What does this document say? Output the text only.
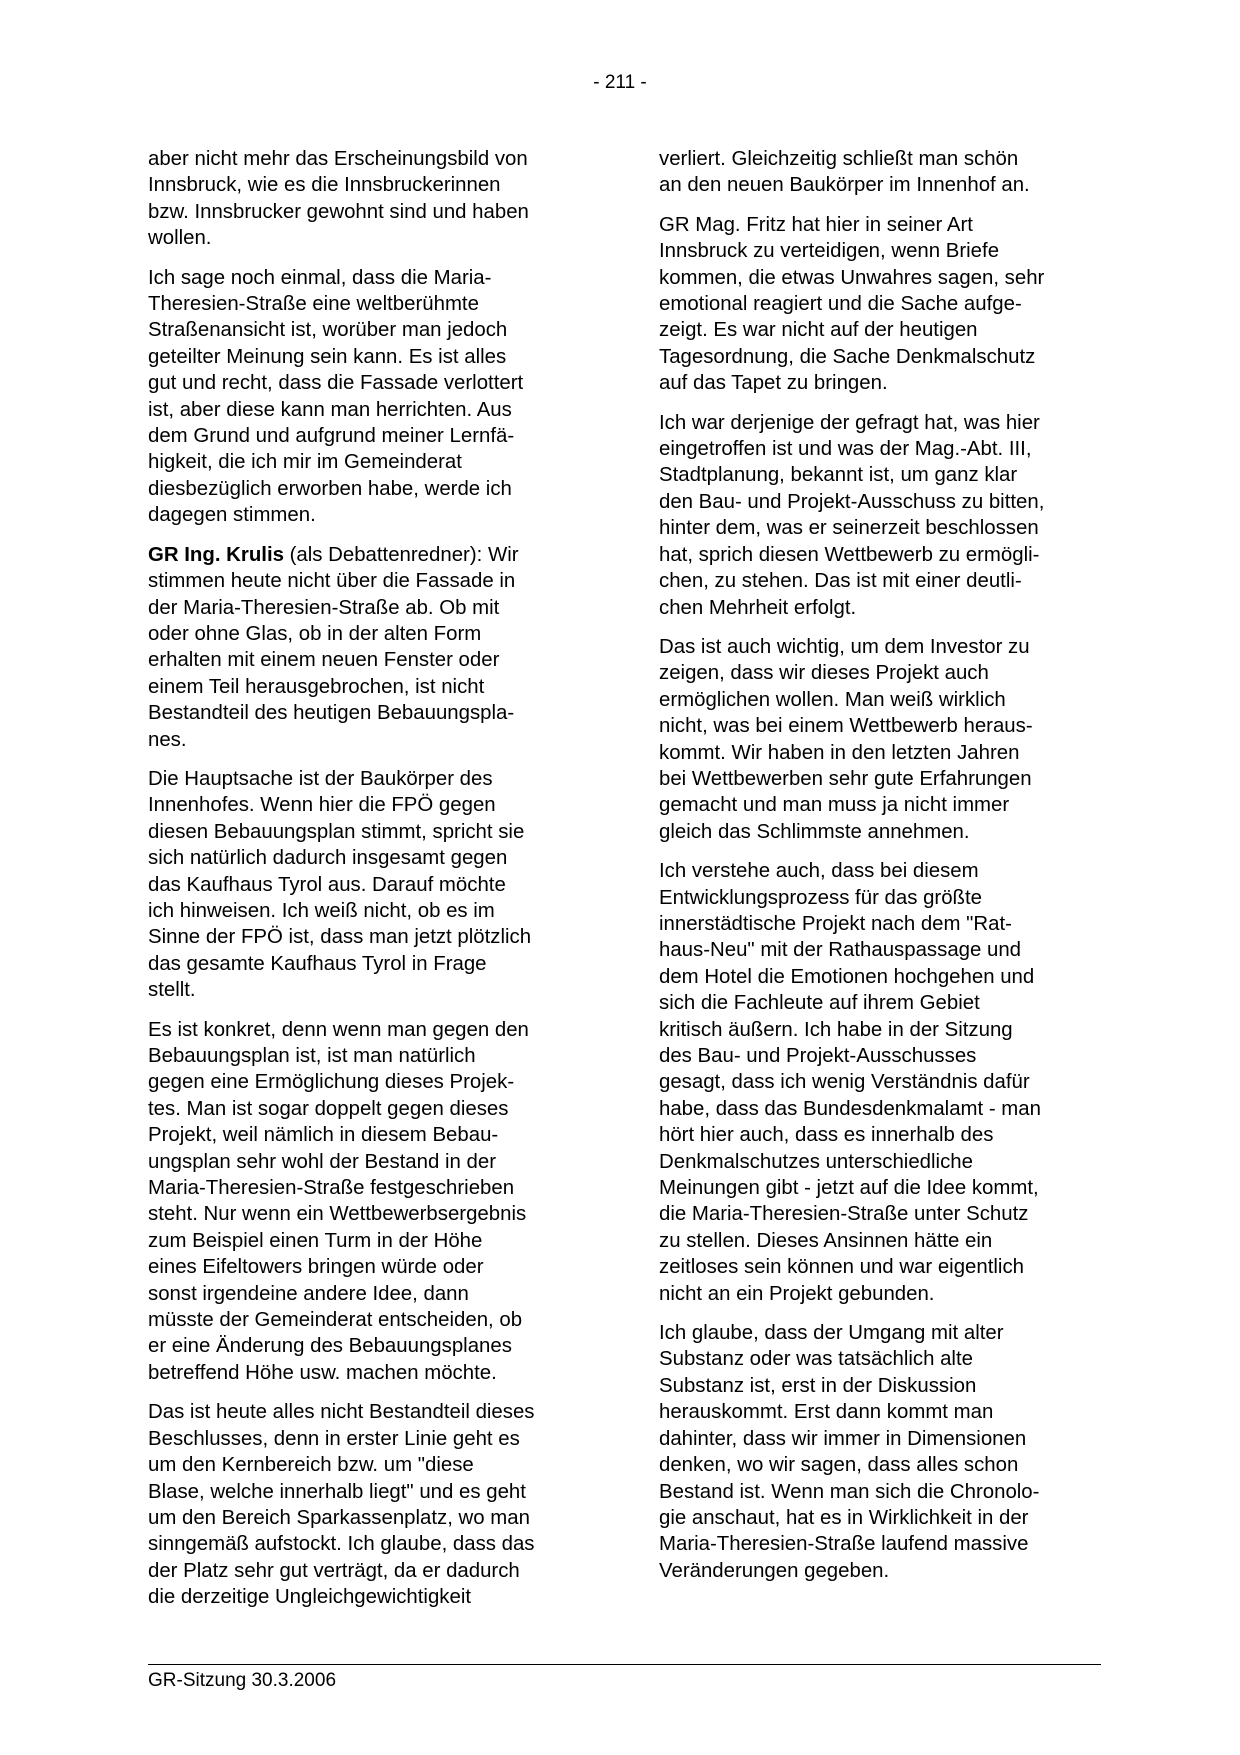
- 211 -

aber nicht mehr das Erscheinungsbild von
Innsbruck, wie es die Innsbruckerinnen
bzw. Innsbrucker gewohnt sind und haben
wollen.

Ich sage noch einmal, dass die Maria-
Theresien-Straße eine weltberühmte
Straßenansicht ist, worüber man jedoch
geteilter Meinung sein kann. Es ist alles
gut und recht, dass die Fassade verlottert
ist, aber diese kann man herrichten. Aus
dem Grund und aufgrund meiner Lernfä-
higkeit, die ich mir im Gemeinderat
diesbezüglich erworben habe, werde ich
dagegen stimmen.

GR Ing. Krulis (als Debattenredner): Wir
stimmen heute nicht über die Fassade in
der Maria-Theresien-Straße ab. Ob mit
oder ohne Glas, ob in der alten Form
erhalten mit einem neuen Fenster oder
einem Teil herausgebrochen, ist nicht
Bestandteil des heutigen Bebauungspla-
nes.

Die Hauptsache ist der Baukörper des
Innenhofes. Wenn hier die FPÖ gegen
diesen Bebauungsplan stimmt, spricht sie
sich natürlich dadurch insgesamt gegen
das Kaufhaus Tyrol aus. Darauf möchte
ich hinweisen. Ich weiß nicht, ob es im
Sinne der FPÖ ist, dass man jetzt plötzlich
das gesamte Kaufhaus Tyrol in Frage
stellt.

Es ist konkret, denn wenn man gegen den
Bebauungsplan ist, ist man natürlich
gegen eine Ermöglichung dieses Projek-
tes. Man ist sogar doppelt gegen dieses
Projekt, weil nämlich in diesem Bebau-
ungsplan sehr wohl der Bestand in der
Maria-Theresien-Straße festgeschrieben
steht. Nur wenn ein Wettbewerbsergebnis
zum Beispiel einen Turm in der Höhe
eines Eifeltowers bringen würde oder
sonst irgendeine andere Idee, dann
müsste der Gemeinderat entscheiden, ob
er eine Änderung des Bebauungsplanes
betreffend Höhe usw. machen möchte.

Das ist heute alles nicht Bestandteil dieses
Beschlusses, denn in erster Linie geht es
um den Kernbereich bzw. um "diese
Blase, welche innerhalb liegt" und es geht
um den Bereich Sparkassenplatz, wo man
sinngemäß aufstockt. Ich glaube, dass das
der Platz sehr gut verträgt, da er dadurch
die derzeitige Ungleichgewichtigkeit

verliert. Gleichzeitig schließt man schön
an den neuen Baukörper im Innenhof an.

GR Mag. Fritz hat hier in seiner Art
Innsbruck zu verteidigen, wenn Briefe
kommen, die etwas Unwahres sagen, sehr
emotional reagiert und die Sache aufge-
zeigt. Es war nicht auf der heutigen
Tagesordnung, die Sache Denkmalschutz
auf das Tapet zu bringen.

Ich war derjenige der gefragt hat, was hier
eingetroffen ist und was der Mag.-Abt. III,
Stadtplanung, bekannt ist, um ganz klar
den Bau- und Projekt-Ausschuss zu bitten,
hinter dem, was er seinerzeit beschlossen
hat, sprich diesen Wettbewerb zu ermögli-
chen, zu stehen. Das ist mit einer deutli-
chen Mehrheit erfolgt.

Das ist auch wichtig, um dem Investor zu
zeigen, dass wir dieses Projekt auch
ermöglichen wollen. Man weiß wirklich
nicht, was bei einem Wettbewerb heraus-
kommt. Wir haben in den letzten Jahren
bei Wettbewerben sehr gute Erfahrungen
gemacht und man muss ja nicht immer
gleich das Schlimmste annehmen.

Ich verstehe auch, dass bei diesem
Entwicklungsprozess für das größte
innerstädtische Projekt nach dem "Rat-
haus-Neu" mit der Rathauspassage und
dem Hotel die Emotionen hochgehen und
sich die Fachleute auf ihrem Gebiet
kritisch äußern. Ich habe in der Sitzung
des Bau- und Projekt-Ausschusses
gesagt, dass ich wenig Verständnis dafür
habe, dass das Bundesdenkmalamt - man
hört hier auch, dass es innerhalb des
Denkmalschutzes unterschiedliche
Meinungen gibt - jetzt auf die Idee kommt,
die Maria-Theresien-Straße unter Schutz
zu stellen. Dieses Ansinnen hätte ein
zeitloses sein können und war eigentlich
nicht an ein Projekt gebunden.

Ich glaube, dass der Umgang mit alter
Substanz oder was tatsächlich alte
Substanz ist, erst in der Diskussion
herauskommt. Erst dann kommt man
dahinter, dass wir immer in Dimensionen
denken, wo wir sagen, dass alles schon
Bestand ist. Wenn man sich die Chronolo-
gie anschaut, hat es in Wirklichkeit in der
Maria-Theresien-Straße laufend massive
Veränderungen gegeben.

GR-Sitzung 30.3.2006
